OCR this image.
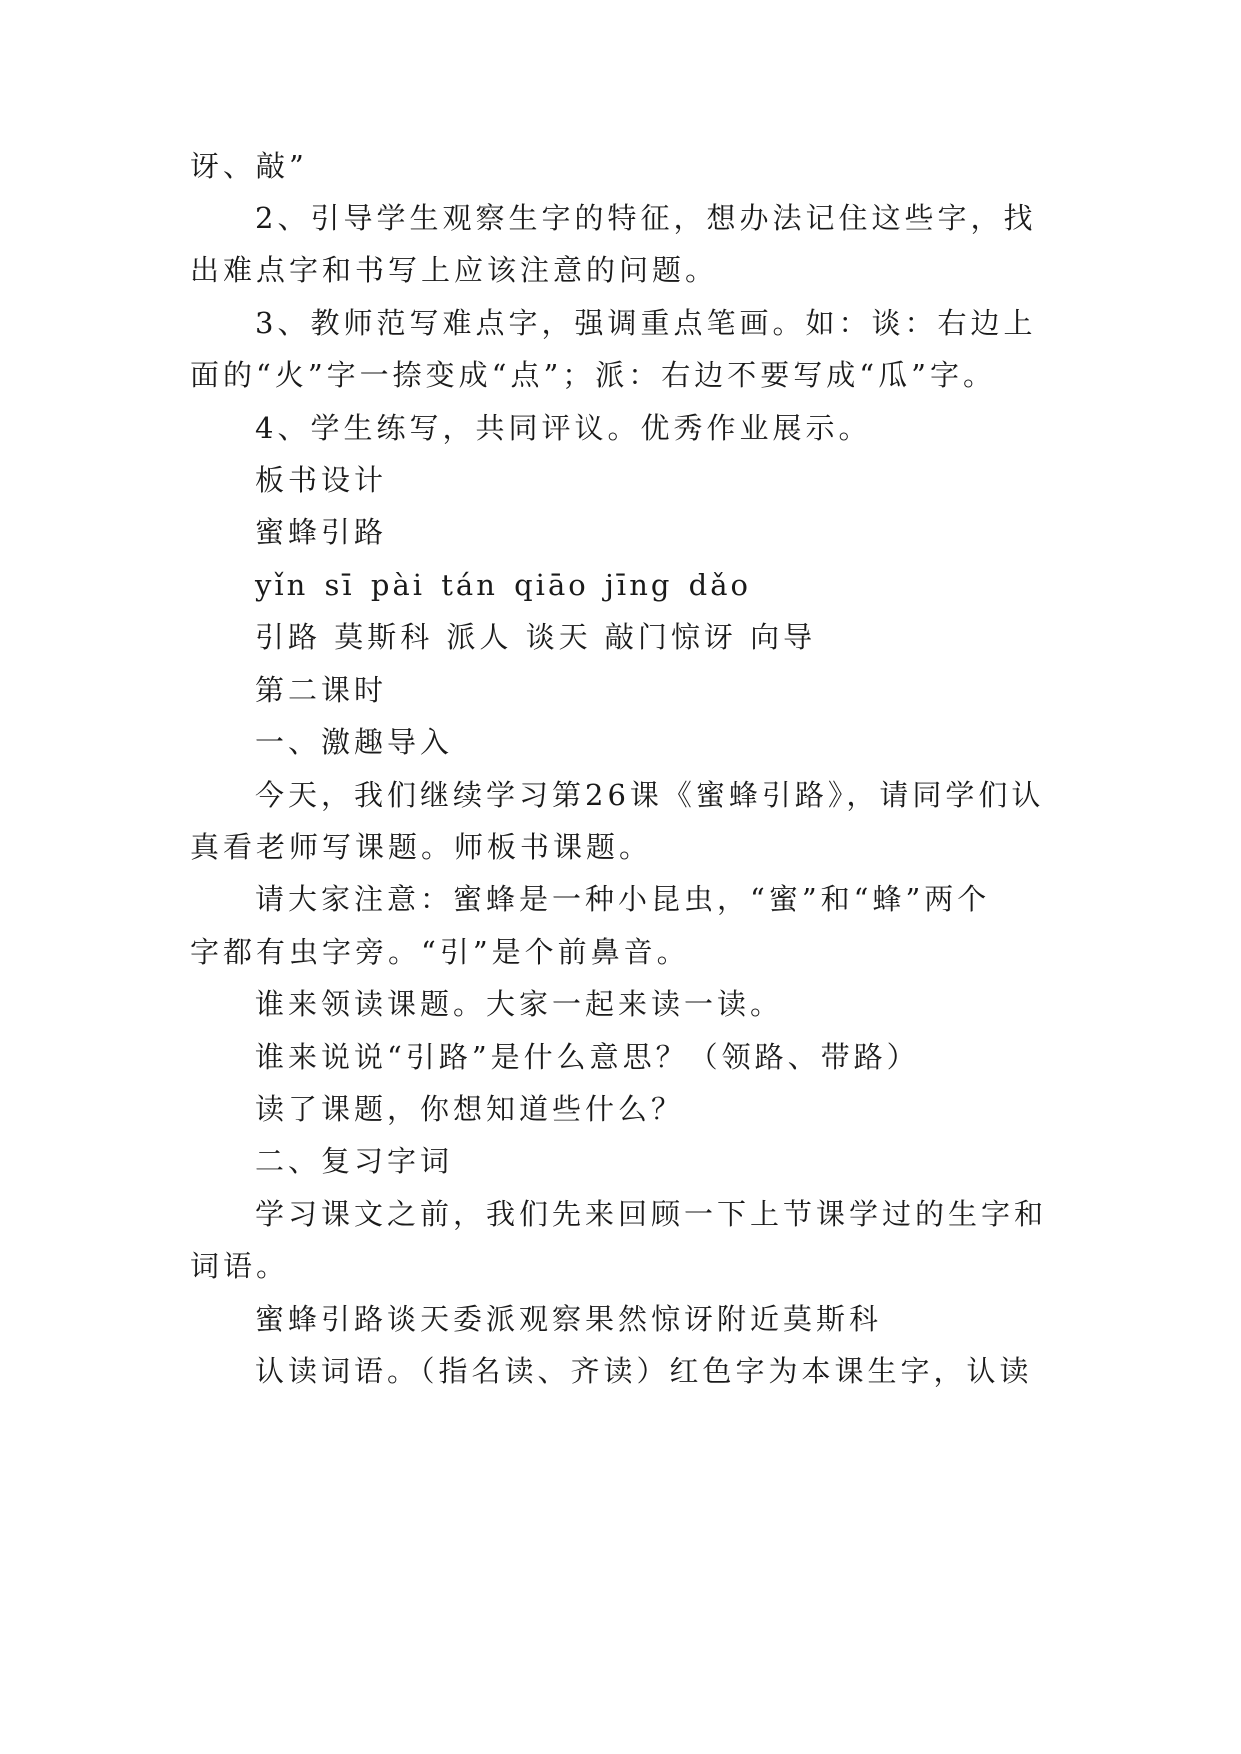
讶、敲”
2、引导学生观察生字的特征，想办法记住这些字，找
出难点字和书写上应该注意的问题。
3、教师范写难点字，强调重点笔画。如：谈：右边上
面的“火”字一捺变成“点”；派：右边不要写成“瓜”字。
4、学生练写，共同评议。优秀作业展示。
板书设计
蜜蜂引路
yǐn sī pài tán qiāo jīng dǎo
引路 莫斯科 派人 谈天 敲门惊讶 向导
第二课时
一、激趣导入
今天，我们继续学习第26课《蜜蜂引路》，请同学们认
真看老师写课题。师板书课题。
请大家注意：蜜蜂是一种小昆虫，“蜜”和“蜂”两个
字都有虫字旁。“引”是个前鼻音。
谁来领读课题。大家一起来读一读。
谁来说说“引路”是什么意思？（领路、带路）
读了课题，你想知道些什么？
二、复习字词
学习课文之前，我们先来回顾一下上节课学过的生字和
词语。
蜜蜂引路谈天委派观察果然惊讶附近莫斯科
认读词语。（指名读、齐读）红色字为本课生字，认读
